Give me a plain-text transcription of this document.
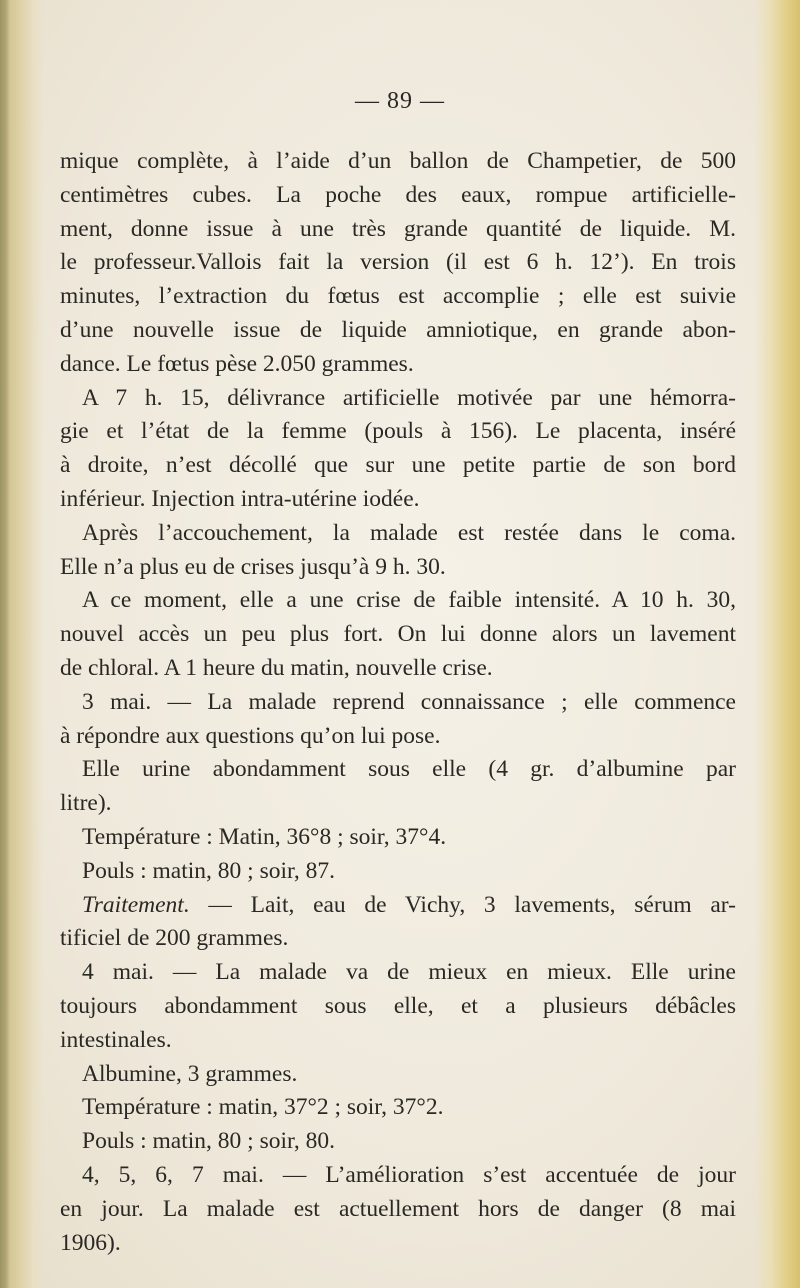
— 89 —
mique complète, à l’aide d’un ballon de Champetier, de 500
centimètres cubes. La poche des eaux, rompue artificielle-
ment, donne issue à une très grande quantité de liquide. M.
le professeur.Vallois fait la version (il est 6 h. 12’). En trois
minutes, l’extraction du fœtus est accomplie ; elle est suivie
d’une nouvelle issue de liquide amniotique, en grande abon-
dance. Le fœtus pèse 2.050 grammes.
A 7 h. 15, délivrance artificielle motivée par une hémorra-
gie et l’état de la femme (pouls à 156). Le placenta, inséré
à droite, n’est décollé que sur une petite partie de son bord
inférieur. Injection intra-utérine iodée.
Après l’accouchement, la malade est restée dans le coma.
Elle n’a plus eu de crises jusqu’à 9 h. 30.
A ce moment, elle a une crise de faible intensité. A 10 h. 30,
nouvel accès un peu plus fort. On lui donne alors un lavement
de chloral. A 1 heure du matin, nouvelle crise.
3 mai. — La malade reprend connaissance ; elle commence
à répondre aux questions qu’on lui pose.
Elle urine abondamment sous elle (4 gr. d’albumine par
litre).
Température : Matin, 36°8 ; soir, 37°4.
Pouls : matin, 80 ; soir, 87.
Traitement. — Lait, eau de Vichy, 3 lavements, sérum ar-
tificiel de 200 grammes.
4 mai. — La malade va de mieux en mieux. Elle urine
toujours abondamment sous elle, et a plusieurs débâcles
intestinales.
Albumine, 3 grammes.
Température : matin, 37°2 ; soir, 37°2.
Pouls : matin, 80 ; soir, 80.
4, 5, 6, 7 mai. — L’amélioration s’est accentuée de jour
en jour. La malade est actuellement hors de danger (8 mai
1906).
